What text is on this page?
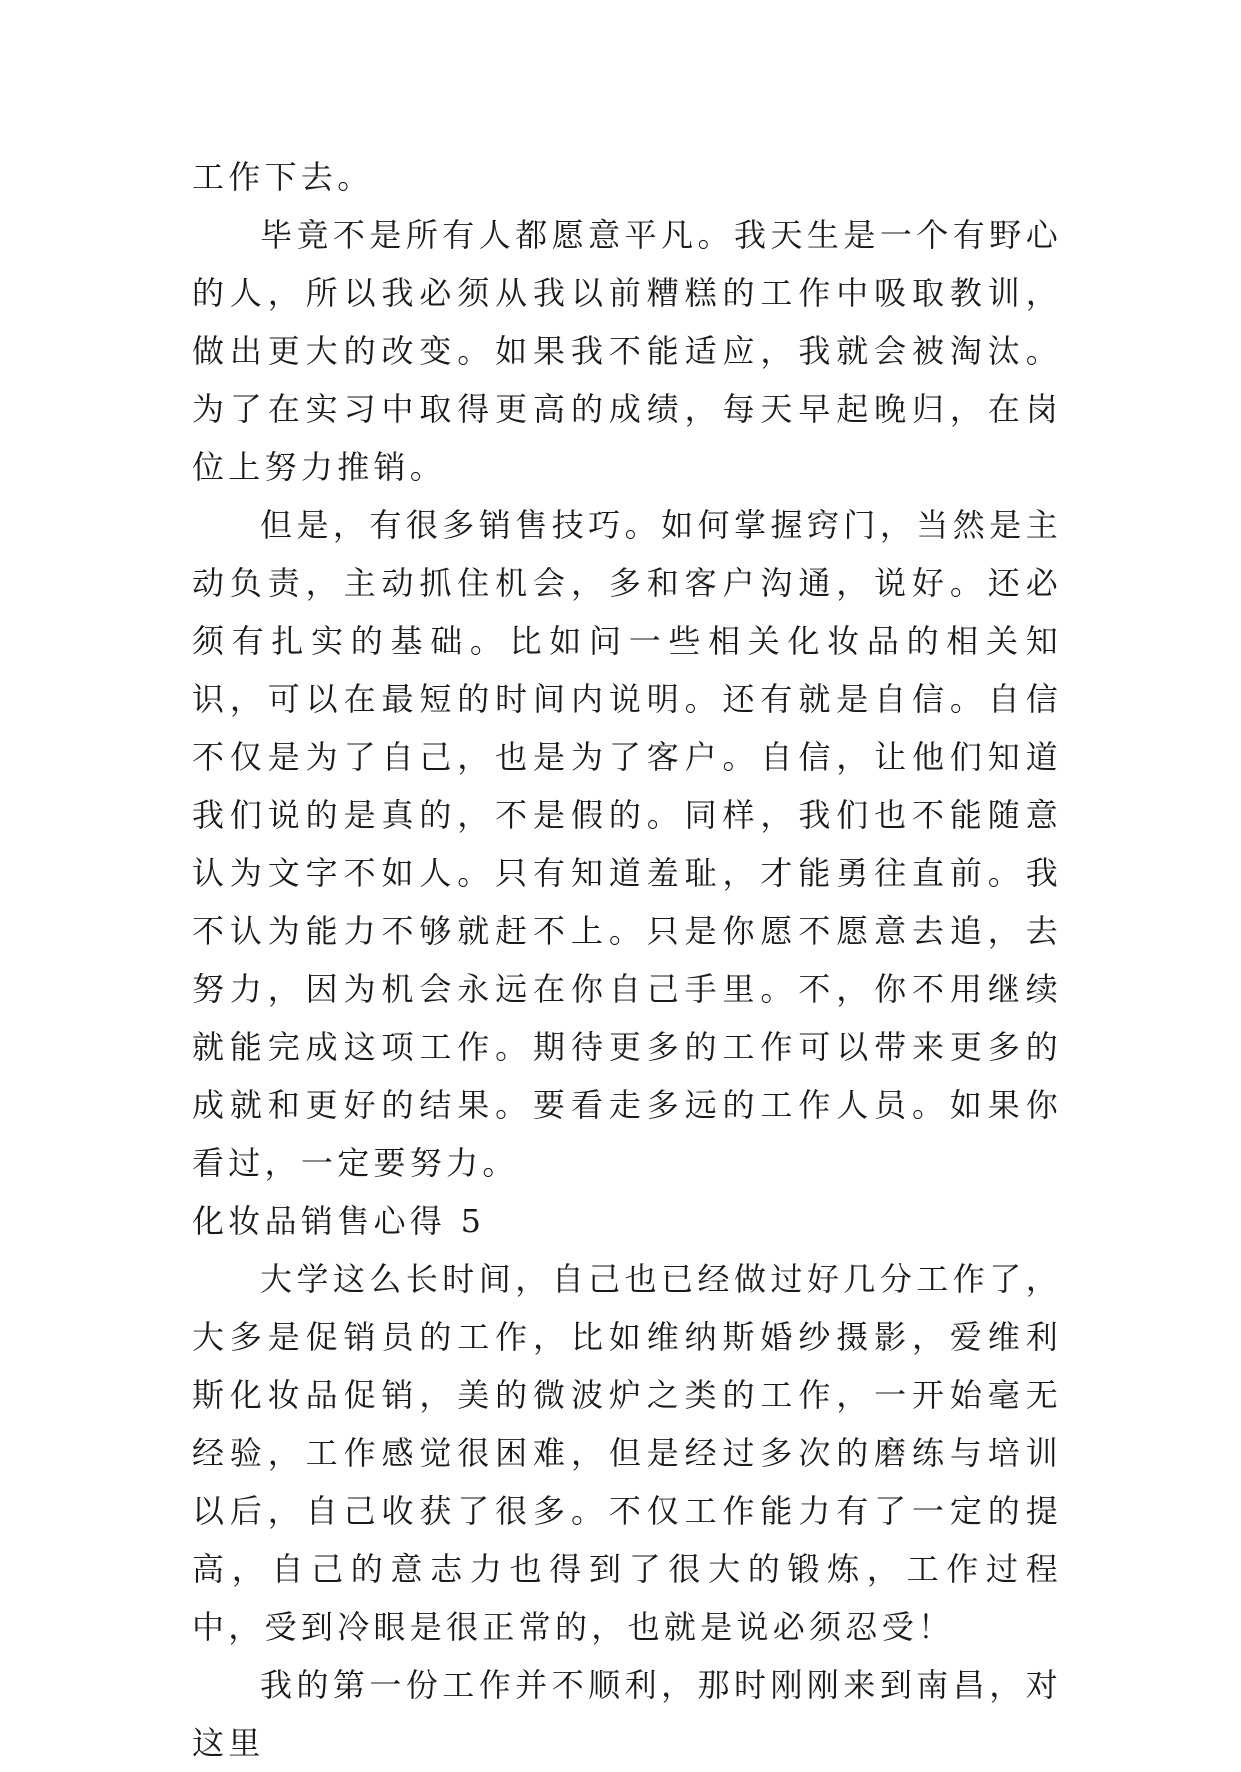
工作下去。

毕竟不是所有人都愿意平凡。我天生是一个有野心的人，所以我必须从我以前糟糕的工作中吸取教训，做出更大的改变。如果我不能适应，我就会被淘汰。为了在实习中取得更高的成绩，每天早起晚归，在岗位上努力推销。

但是，有很多销售技巧。如何掌握窍门，当然是主动负责，主动抓住机会，多和客户沟通，说好。还必须有扎实的基础。比如问一些相关化妆品的相关知识，可以在最短的时间内说明。还有就是自信。自信不仅是为了自己，也是为了客户。自信，让他们知道我们说的是真的，不是假的。同样，我们也不能随意认为文字不如人。只有知道羞耻，才能勇往直前。我不认为能力不够就赶不上。只是你愿不愿意去追，去努力，因为机会永远在你自己手里。不，你不用继续就能完成这项工作。期待更多的工作可以带来更多的成就和更好的结果。要看走多远的工作人员。如果你看过，一定要努力。

化妆品销售心得 5

大学这么长时间，自己也已经做过好几分工作了，大多是促销员的工作，比如维纳斯婚纱摄影，爱维利斯化妆品促销，美的微波炉之类的工作，一开始毫无经验，工作感觉很困难，但是经过多次的磨练与培训以后，自己收获了很多。不仅工作能力有了一定的提高，自己的意志力也得到了很大的锻炼，工作过程中，受到冷眼是很正常的，也就是说必须忍受！

我的第一份工作并不顺利，那时刚刚来到南昌，对这里
